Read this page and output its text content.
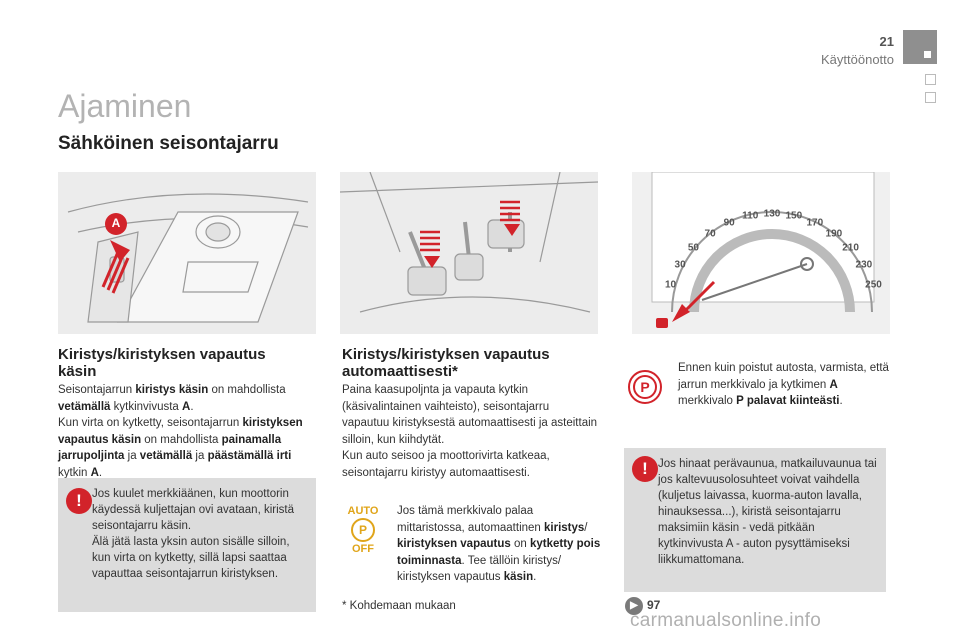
21
Käyttöönotto
Ajaminen
Sähköinen seisontajarru
A
10
30
50
70
90
110 130 150
170
190
210
230
250
Kiristys/kiristyksen vapautus käsin
Seisontajarrun kiristys käsin on mahdollista vetämällä kytkinvivusta A.
Kun virta on kytketty, seisontajarrun kiristyksen vapautus käsin on mahdollista painamalla jarrupoljinta ja vetämällä ja päästämällä irti kytkin A.
! Jos kuulet merkkiäänen, kun moottorin käydessä kuljettajan ovi avataan, kiristä seisontajarru käsin.
Älä jätä lasta yksin auton sisälle silloin, kun virta on kytketty, sillä lapsi saattaa vapauttaa seisontajarrun kiristyksen.
Kiristys/kiristyksen vapautus automaattisesti*
Paina kaasupoljnta ja vapauta kytkin (käsivalintainen vaihteisto), seisontajarru vapautuu kiristyksestä automaattisesti ja asteittain silloin, kun kiihdytät.
Kun auto seisoo ja moottorivirta katkeaa, seisontajarru kiristyy automaattisesti.
AUTO
P
OFF
Jos tämä merkkivalo palaa mittaristossa, automaattinen kiristys/ kiristyksen vapautus on kytketty pois toiminnasta. Tee tällöin kiristys/ kiristyksen vapautus käsin.
* Kohdemaan mukaan
P
Ennen kuin poistut autosta, varmista, että jarrun merkkivalo ja kytkimen A merkkivalo P palavat kiinteästi.
! Jos hinaat perävaunua, matkailuvaunua tai jos kaltevuusolosuhteet voivat vaihdella (kuljetus laivassa, kuorma-auton lavalla, hinauksessa...), kiristä seisontajarru maksimiin käsin - vedä pitkään kytkinvivusta A - auton pysyttämiseksi liikkumattomana.
▶ 97
carmanualsonline.info
